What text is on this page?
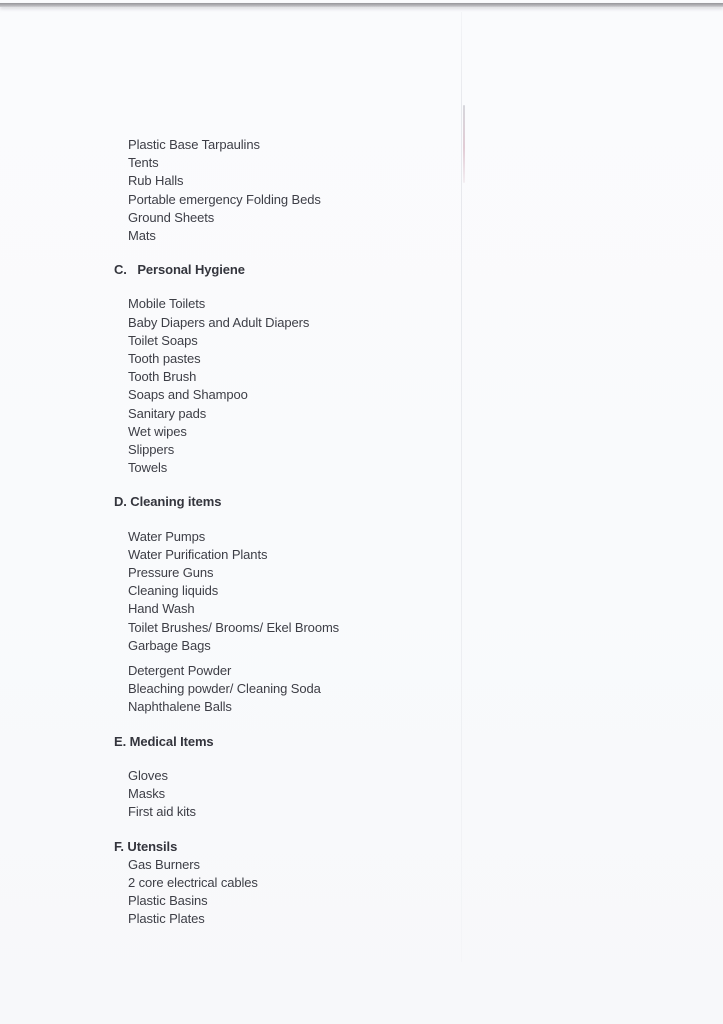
Plastic Base Tarpaulins
Tents
Rub Halls
Portable emergency Folding Beds
Ground Sheets
Mats
C.   Personal Hygiene
Mobile Toilets
Baby Diapers and Adult Diapers
Toilet Soaps
Tooth pastes
Tooth Brush
Soaps and Shampoo
Sanitary pads
Wet wipes
Slippers
Towels
D. Cleaning items
Water Pumps
Water Purification Plants
Pressure Guns
Cleaning liquids
Hand Wash
Toilet Brushes/ Brooms/ Ekel Brooms
Garbage Bags
Detergent Powder
Bleaching powder/ Cleaning Soda
Naphthalene Balls
E. Medical Items
Gloves
Masks
First aid kits
F. Utensils
Gas Burners
2 core electrical cables
Plastic Basins
Plastic Plates
